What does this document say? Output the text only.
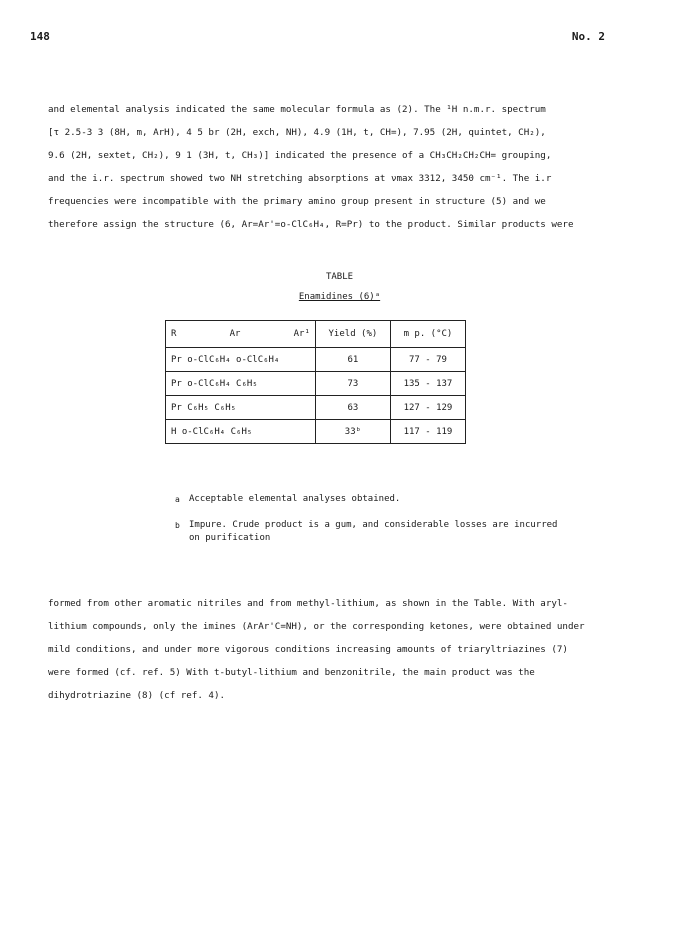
148	No. 2
and elemental analysis indicated the same molecular formula as (2). The ¹H n.m.r. spectrum
[τ 2.5-3 3 (8H, m, ArH), 4 5 br (2H, exch, NH), 4.9 (1H, t, CH=), 7.95 (2H, quintet, CH₂),
9.6 (2H, sextet, CH₂), 9 1 (3H, t, CH₃)] indicated the presence of a CH₃CH₂CH₂CH= grouping,
and the i.r. spectrum showed two NH stretching absorptions at νmax 3312, 3450 cm⁻¹. The i.r
frequencies were incompatible with the primary amino group present in structure (5) and we
therefore assign the structure (6, Ar=Ar'=o-ClC₆H₄, R=Pr) to the product. Similar products were
TABLE
Enamidines (6)ᵃ
R Ar Ar¹	Yield (%)	m p. (°C)
Pr o-ClC₆H₄ o-ClC₆H₄	61	77 - 79
Pr o-ClC₆H₄ C₆H₅	73	135 - 137
Pr C₆H₅ C₆H₅	63	127 - 129
H o-ClC₆H₄ C₆H₅	33ᵇ	117 - 119
a Acceptable elemental analyses obtained.
b Impure. Crude product is a gum, and considerable losses are incurred on purification
formed from other aromatic nitriles and from methyl-lithium, as shown in the Table. With aryl-
lithium compounds, only the imines (ArAr'C=NH), or the corresponding ketones, were obtained under
mild conditions, and under more vigorous conditions increasing amounts of triaryltriazines (7)
were formed (cf. ref. 5) With t-butyl-lithium and benzonitrile, the main product was the
dihydrotriazine (8) (cf ref. 4).
